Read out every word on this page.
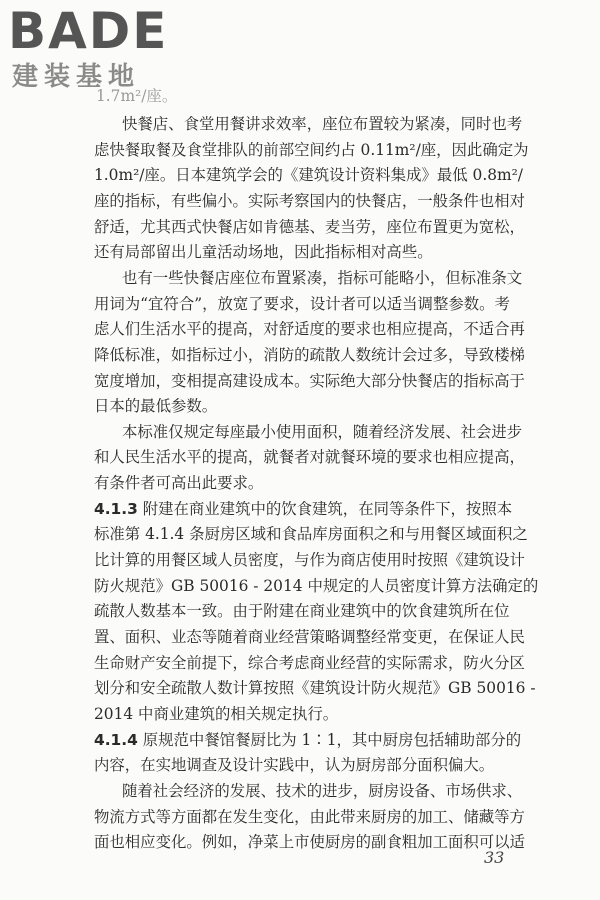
BADE
建装基地
1.7m²/座。
快餐店、食堂用餐讲求效率，座位布置较为紧凑，同时也考
虑快餐取餐及食堂排队的前部空间约占 0.11m²/座，因此确定为
1.0m²/座。日本建筑学会的《建筑设计资料集成》最低 0.8m²/
座的指标，有些偏小。实际考察国内的快餐店，一般条件也相对
舒适，尤其西式快餐店如肯德基、麦当劳，座位布置更为宽松，
还有局部留出儿童活动场地，因此指标相对高些。
也有一些快餐店座位布置紧凑，指标可能略小，但标准条文
用词为“宜符合”，放宽了要求，设计者可以适当调整参数。考
虑人们生活水平的提高，对舒适度的要求也相应提高，不适合再
降低标准，如指标过小，消防的疏散人数统计会过多，导致楼梯
宽度增加，变相提高建设成本。实际绝大部分快餐店的指标高于
日本的最低参数。
本标准仅规定每座最小使用面积，随着经济发展、社会进步
和人民生活水平的提高，就餐者对就餐环境的要求也相应提高，
有条件者可高出此要求。
4.1.3 附建在商业建筑中的饮食建筑，在同等条件下，按照本
标准第 4.1.4 条厨房区域和食品库房面积之和与用餐区域面积之
比计算的用餐区域人员密度，与作为商店使用时按照《建筑设计
防火规范》GB 50016 - 2014 中规定的人员密度计算方法确定的
疏散人数基本一致。由于附建在商业建筑中的饮食建筑所在位
置、面积、业态等随着商业经营策略调整经常变更，在保证人民
生命财产安全前提下，综合考虑商业经营的实际需求，防火分区
划分和安全疏散人数计算按照《建筑设计防火规范》GB 50016 -
2014 中商业建筑的相关规定执行。
4.1.4 原规范中餐馆餐厨比为 1∶1，其中厨房包括辅助部分的
内容，在实地调查及设计实践中，认为厨房部分面积偏大。
随着社会经济的发展、技术的进步，厨房设备、市场供求、
物流方式等方面都在发生变化，由此带来厨房的加工、储藏等方
面也相应变化。例如，净菜上市使厨房的副食粗加工面积可以适
33
